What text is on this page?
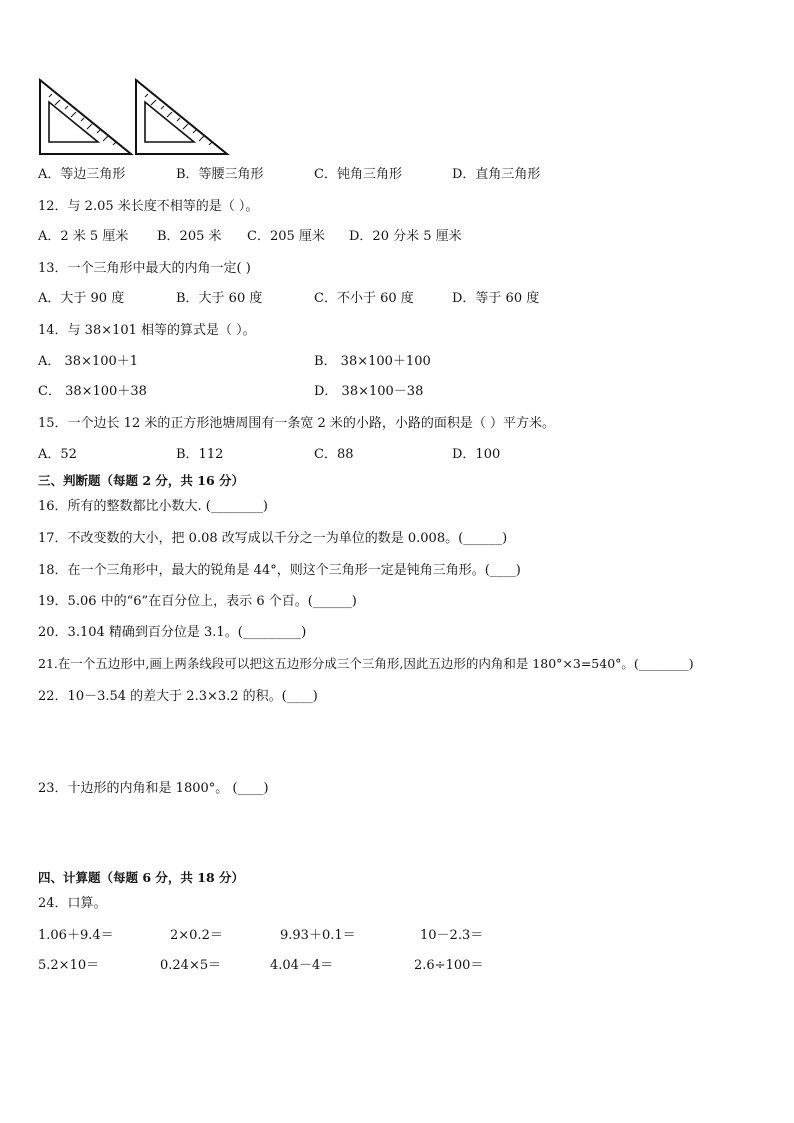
A．等边三角形	B．等腰三角形	C．钝角三角形	D．直角三角形
12．与 2.05 米长度不相等的是（ ）。
A．2 米 5 厘米 B．205 米 C．205 厘米 D．20 分米 5 厘米
13．一个三角形中最大的内角一定( )
A．大于 90 度	B．大于 60 度	C．不小于 60 度	D．等于 60 度
14．与 38×101 相等的算式是（ ）。
A． 38×100＋1	B． 38×100＋100
C． 38×100＋38	D． 38×100－38
15．一个边长 12 米的正方形池塘周围有一条宽 2 米的小路，小路的面积是（ ）平方米。
A．52	B．112	C．88	D．100
三、判断题（每题 2 分，共 16 分）
16．所有的整数都比小数大. (________)
17．不改变数的大小，把 0.08 改写成以千分之一为单位的数是 0.008。(______)
18．在一个三角形中，最大的锐角是 44°，则这个三角形一定是钝角三角形。(____)
19．5.06 中的“6”在百分位上，表示 6 个百。(______)
20．3.104 精确到百分位是 3.1。(_________)
21.在一个五边形中,画上两条线段可以把这五边形分成三个三角形,因此五边形的内角和是 180°×3=540°。(________)
22．10－3.54 的差大于 2.3×3.2 的积。(____)
23．十边形的内角和是 1800°。 (____)
四、计算题（每题 6 分，共 18 分）
24．口算。
1.06＋9.4＝	2×0.2＝	9.93＋0.1＝	10－2.3＝
5.2×10＝	0.24×5＝	4.04－4＝	2.6÷100＝
